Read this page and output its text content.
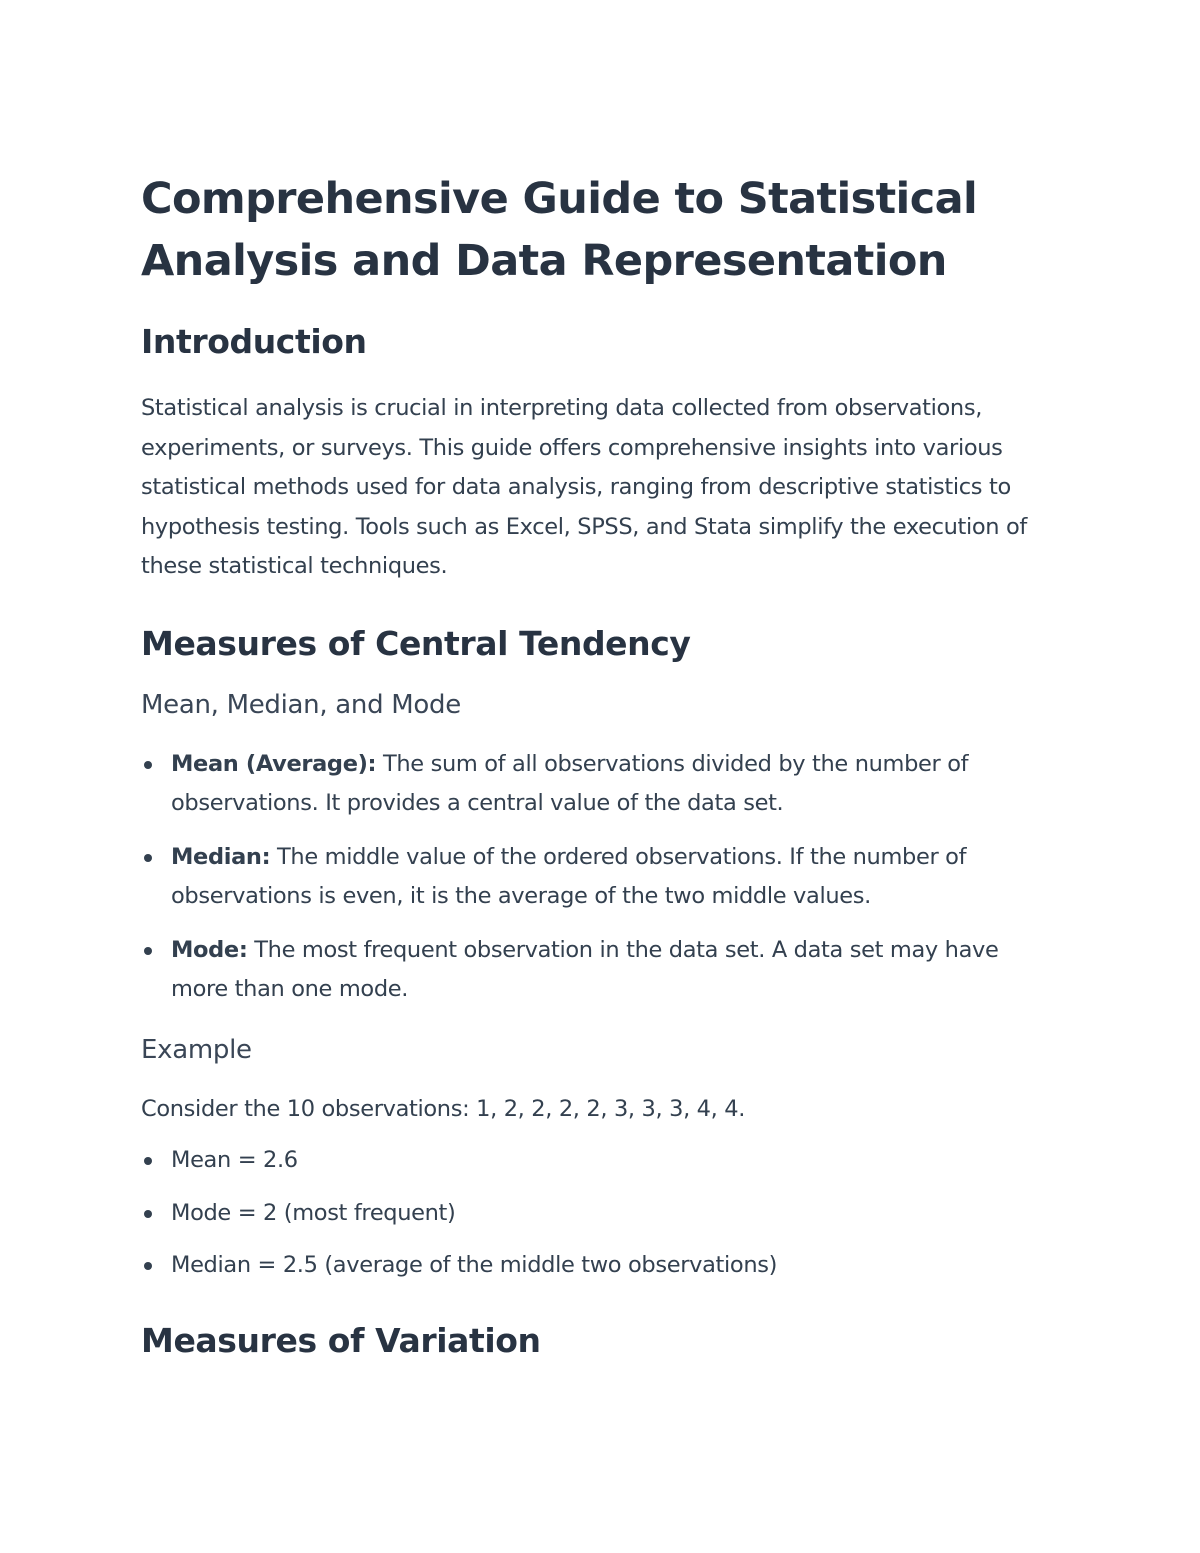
Comprehensive Guide to Statistical Analysis and Data Representation
Introduction

Statistical analysis is crucial in interpreting data collected from observations, experiments, or surveys. This guide offers comprehensive insights into various statistical methods used for data analysis, ranging from descriptive statistics to hypothesis testing. Tools such as Excel, SPSS, and Stata simplify the execution of these statistical techniques.

Measures of Central Tendency
Mean, Median, and Mode
Mean (Average): The sum of all observations divided by the number of observations. It provides a central value of the data set.
Median: The middle value of the ordered observations. If the number of observations is even, it is the average of the two middle values.
Mode: The most frequent observation in the data set. A data set may have more than one mode.
Example

Consider the 10 observations: 1, 2, 2, 2, 2, 3, 3, 3, 4, 4.

Mean = 2.6
Mode = 2 (most frequent)
Median = 2.5 (average of the middle two observations)
Measures of Variation
